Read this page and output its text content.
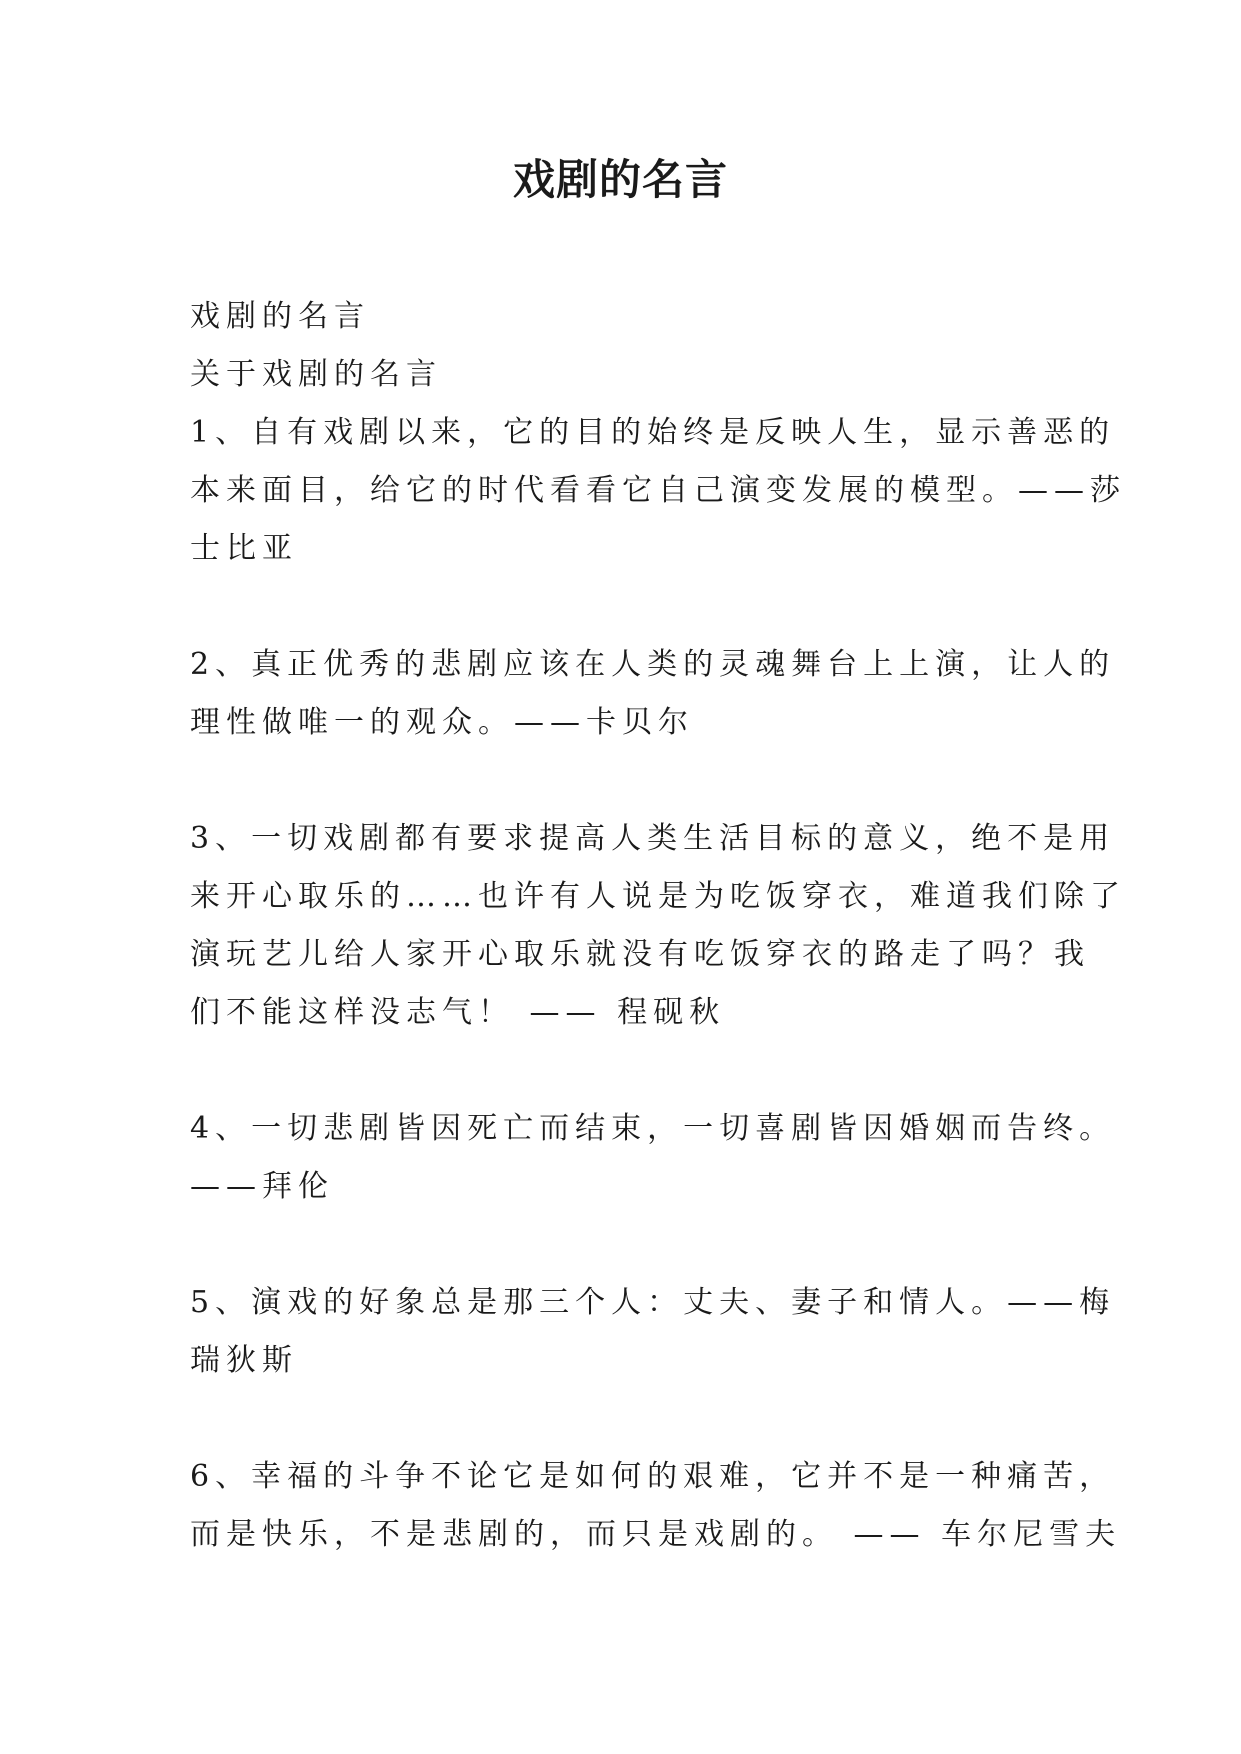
戏剧的名言
戏剧的名言
关于戏剧的名言
1、自有戏剧以来，它的目的始终是反映人生，显示善恶的
本来面目，给它的时代看看它自己演变发展的模型。——莎
士比亚
2、真正优秀的悲剧应该在人类的灵魂舞台上上演，让人的
理性做唯一的观众。——卡贝尔
3、一切戏剧都有要求提高人类生活目标的意义，绝不是用
来开心取乐的……也许有人说是为吃饭穿衣，难道我们除了
演玩艺儿给人家开心取乐就没有吃饭穿衣的路走了吗？我
们不能这样没志气！ —— 程砚秋
4、一切悲剧皆因死亡而结束，一切喜剧皆因婚姻而告终。
——拜伦
5、演戏的好象总是那三个人：丈夫、妻子和情人。——梅
瑞狄斯
6、幸福的斗争不论它是如何的艰难，它并不是一种痛苦，
而是快乐，不是悲剧的，而只是戏剧的。 —— 车尔尼雪夫
